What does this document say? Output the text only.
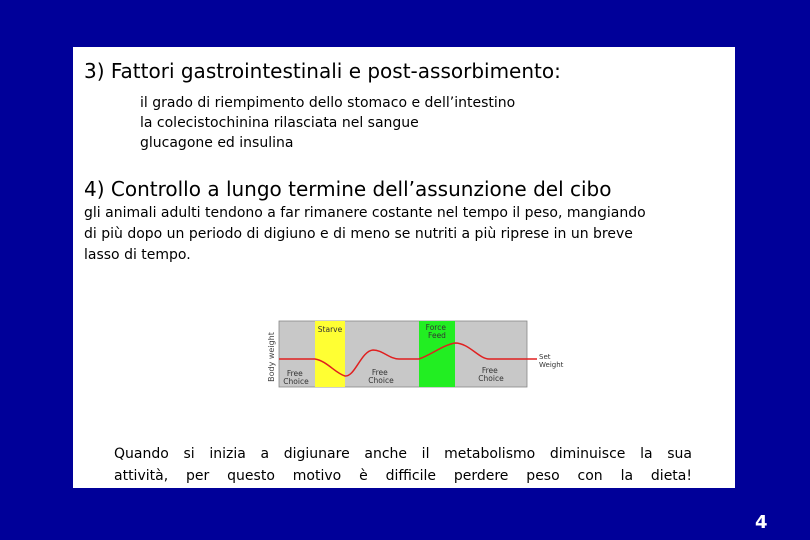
3) Fattori gastrointestinali e post-assorbimento:
il grado di riempimento dello stomaco e dell’intestino
la colecistochinina rilasciata nel sangue
glucagone ed insulina
4) Controllo a lungo termine dell’assunzione del cibo
gli animali adulti tendono a far rimanere costante nel tempo il peso, mangiando
di più dopo un periodo di digiuno e di meno se nutriti a più riprese in un breve
lasso di tempo.
Body weight	Free Choice
Starve
Free Choice
Force Feed
Free Choice
Set Weight
Quando si inizia a digiunare anche il metabolismo diminuisce la sua
attività, per questo motivo è difficile perdere peso con la dieta!
4
